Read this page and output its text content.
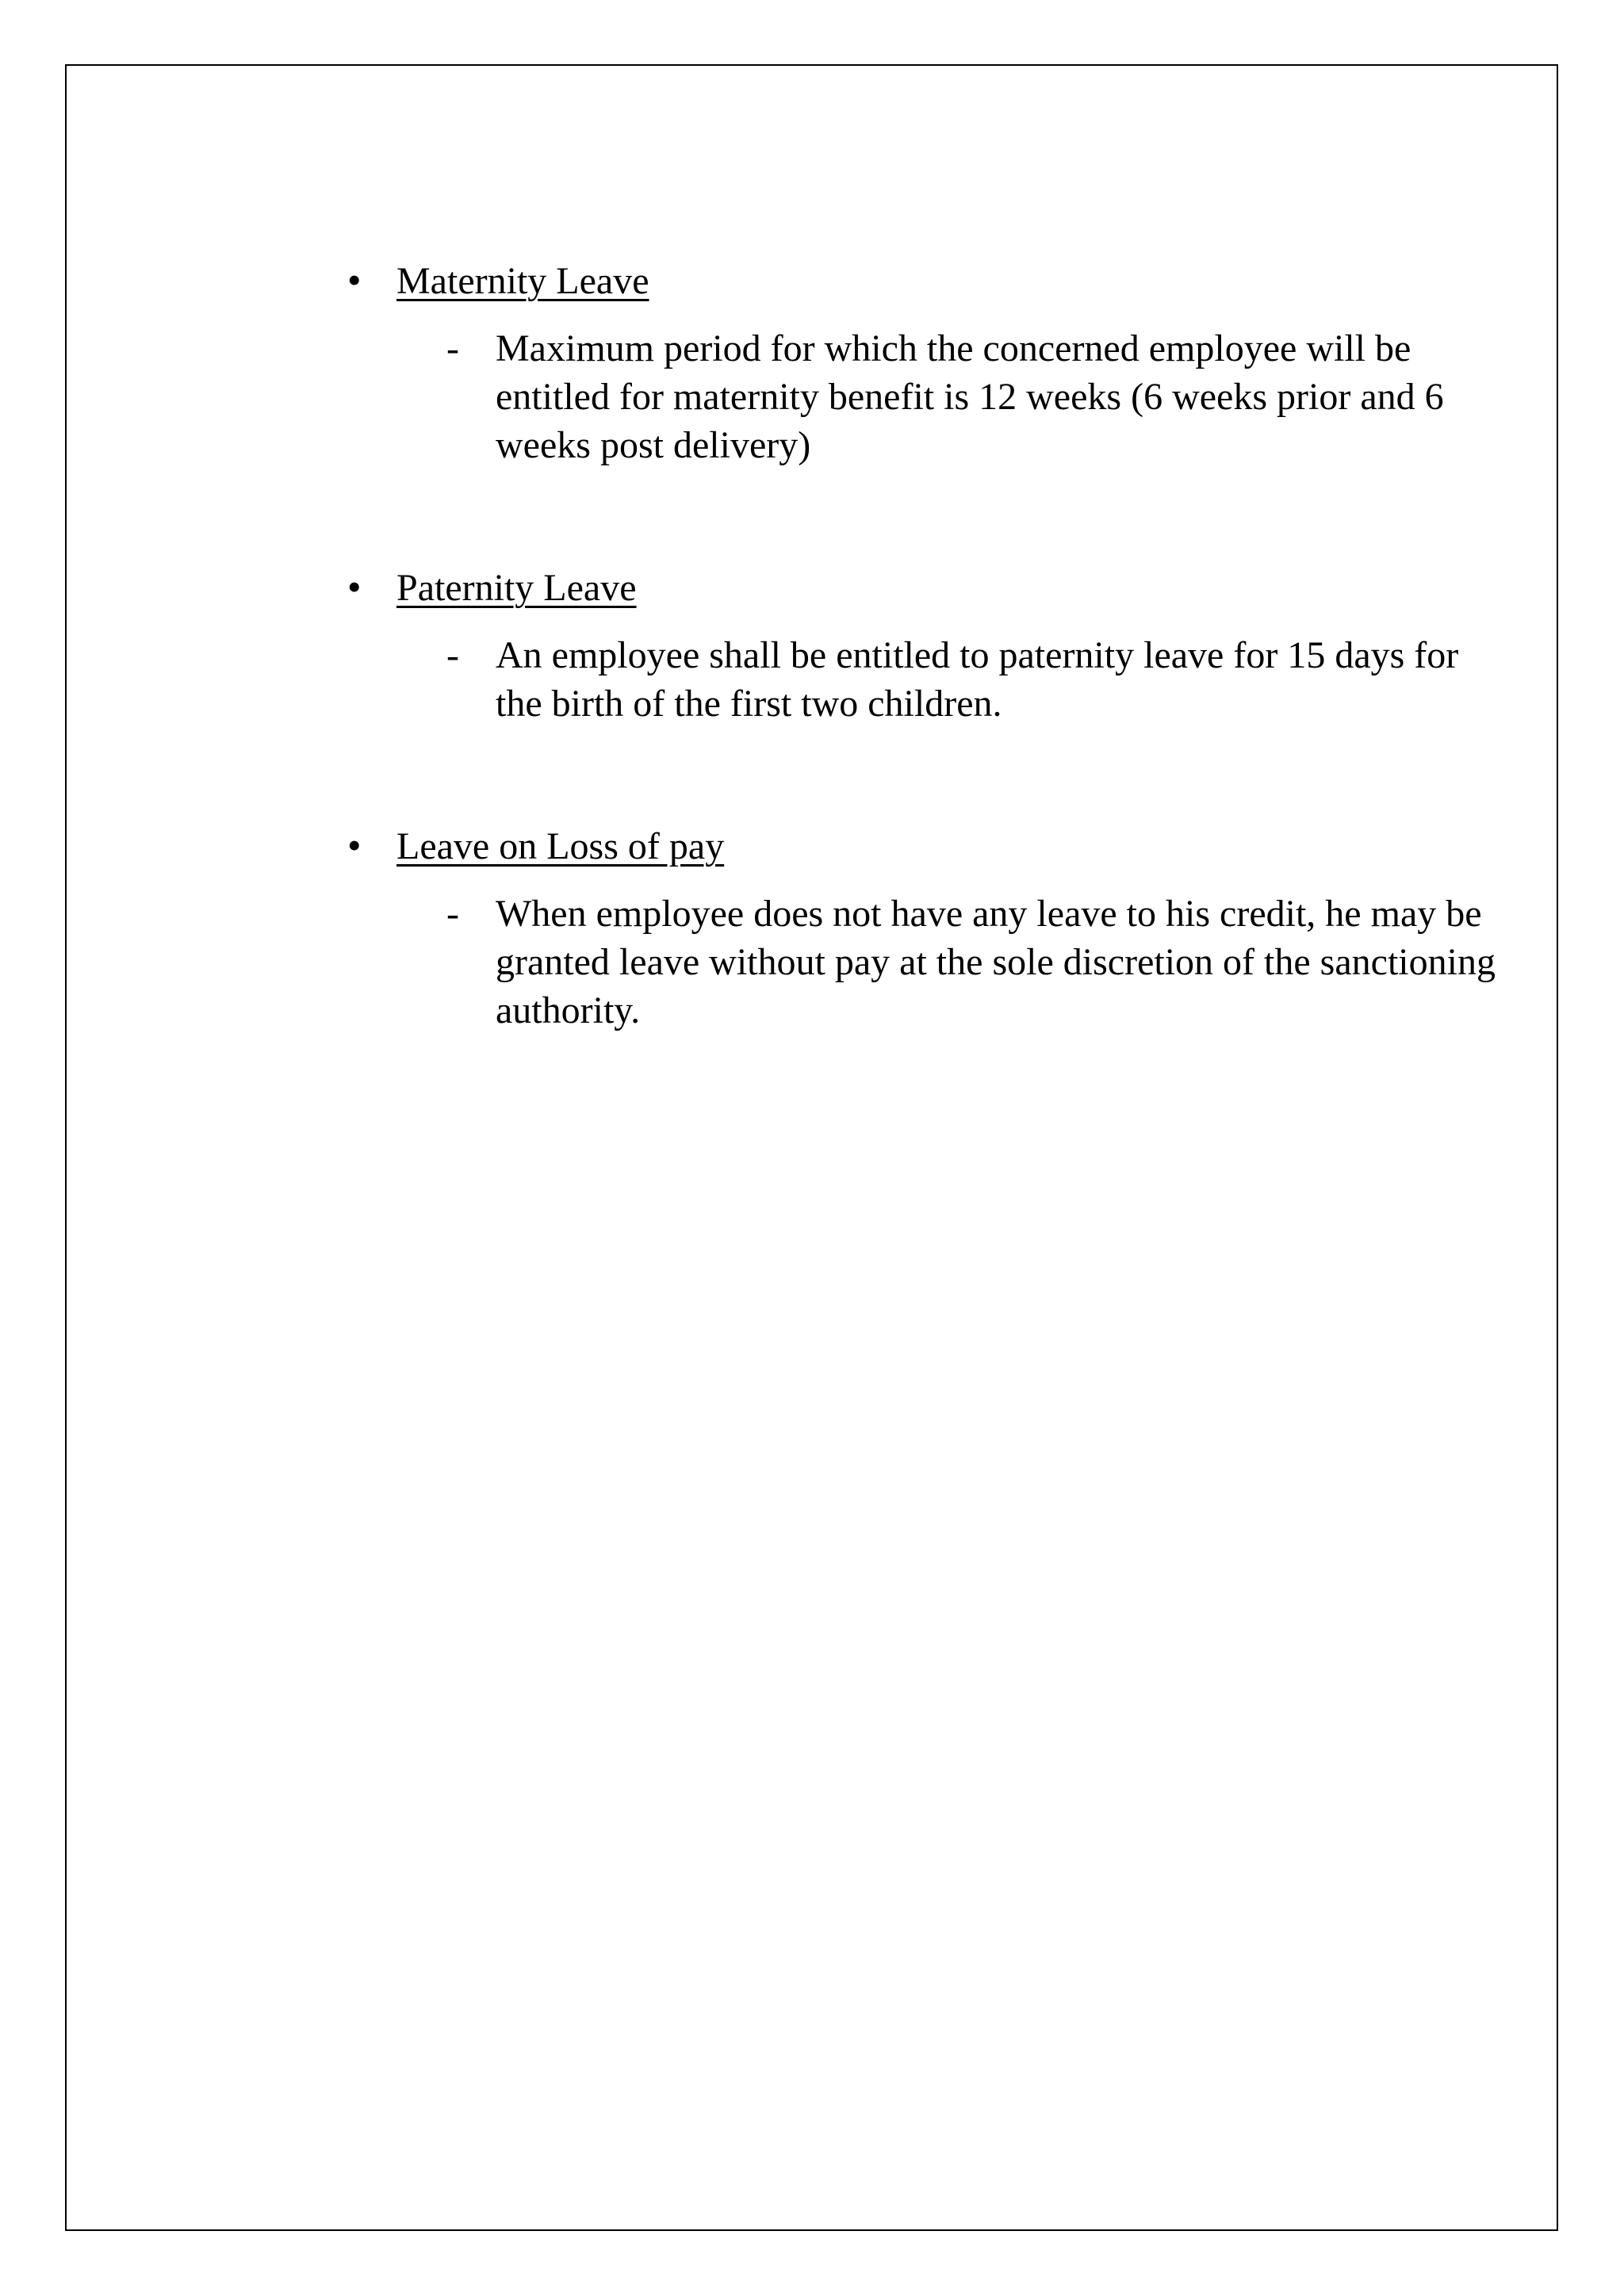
• Maternity Leave
- Maximum period for which the concerned employee will be
entitled for maternity benefit is 12 weeks (6 weeks prior and 6
weeks post delivery)
• Paternity Leave
- An employee shall be entitled to paternity leave for 15 days for
the birth of the first two children.
• Leave on Loss of pay
- When employee does not have any leave to his credit, he may be
granted leave without pay at the sole discretion of the sanctioning
authority.
